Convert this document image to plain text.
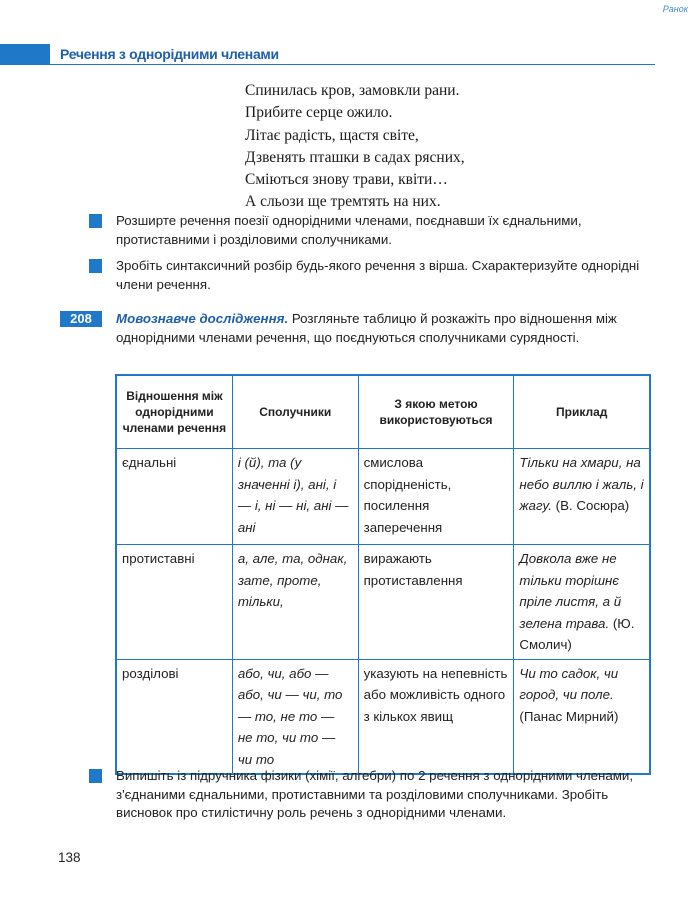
Ранок
Речення з однорідними членами
Спинилась кров, замовкли рани.
Прибите серце ожило.
Літає радість, щастя світе,
Дзвенять пташки в садах рясних,
Сміються знову трави, квіти…
А сльози ще тремтять на них.
Розширте речення поезії однорідними членами, поєднавши їх єднальними, протиставними і розділовими сполучниками.
Зробіть синтаксичний розбір будь-якого речення з вірша. Схарактеризуйте однорідні члени речення.
208	Мовознавче дослідження. Розгляньте таблицю й розкажіть про відношення між однорідними членами речення, що поєднуються сполучниками сурядності.
Відношення між однорідними членами речення	Сполучники	З якою метою використовуються	Приклад
єднальні	і (й), та (у значенні і), ані, і — і, ні — ні, ані — ані	смислова спорідненість, посилення заперечення	Тільки на хмари, на небо виллю і жаль, і жагу. (В. Сосюра)
протиставні	а, але, та, однак, зате, проте, тільки,	виражають протиставлення	Довкола вже не тільки торішнє пріле листя, а й зелена трава. (Ю. Смолич)
розділові	або, чи, або — або, чи — чи, то — то, не то — не то, чи то — чи то	указують на непевність або можливість одного з кількох явищ	Чи то садок, чи город, чи поле. (Панас Мирний)
Випишіть із підручника фізики (хімії, алгебри) по 2 речення з однорідними членами, з'єднаними єднальними, протиставними та розділовими сполучниками. Зробіть висновок про стилістичну роль речень з однорідними членами.
138
